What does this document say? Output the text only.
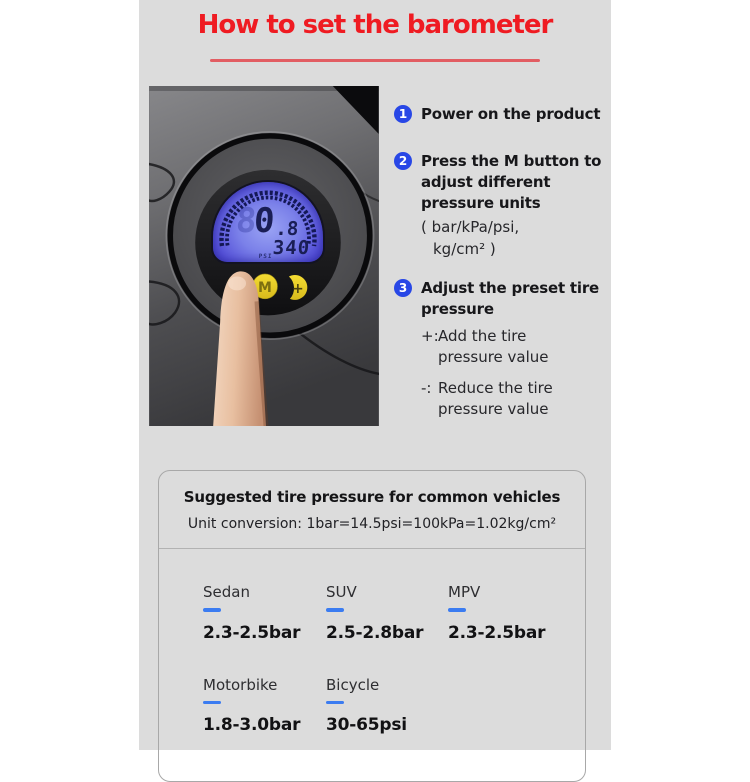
How to set the barometer
M +
8
0
.8
340
PSI
1 Power on the product
2 Press the M button to
adjust different
pressure units
( bar/kPa/psi,
kg/cm² )
3 Adjust the preset tire
pressure
+: Add the tire
pressure value
-: Reduce the tire
pressure value
Suggested tire pressure for common vehicles
Unit conversion: 1bar=14.5psi=100kPa=1.02kg/cm²
Sedan
2.3-2.5bar
SUV
2.5-2.8bar
MPV
2.3-2.5bar
Motorbike
1.8-3.0bar
Bicycle
30-65psi
